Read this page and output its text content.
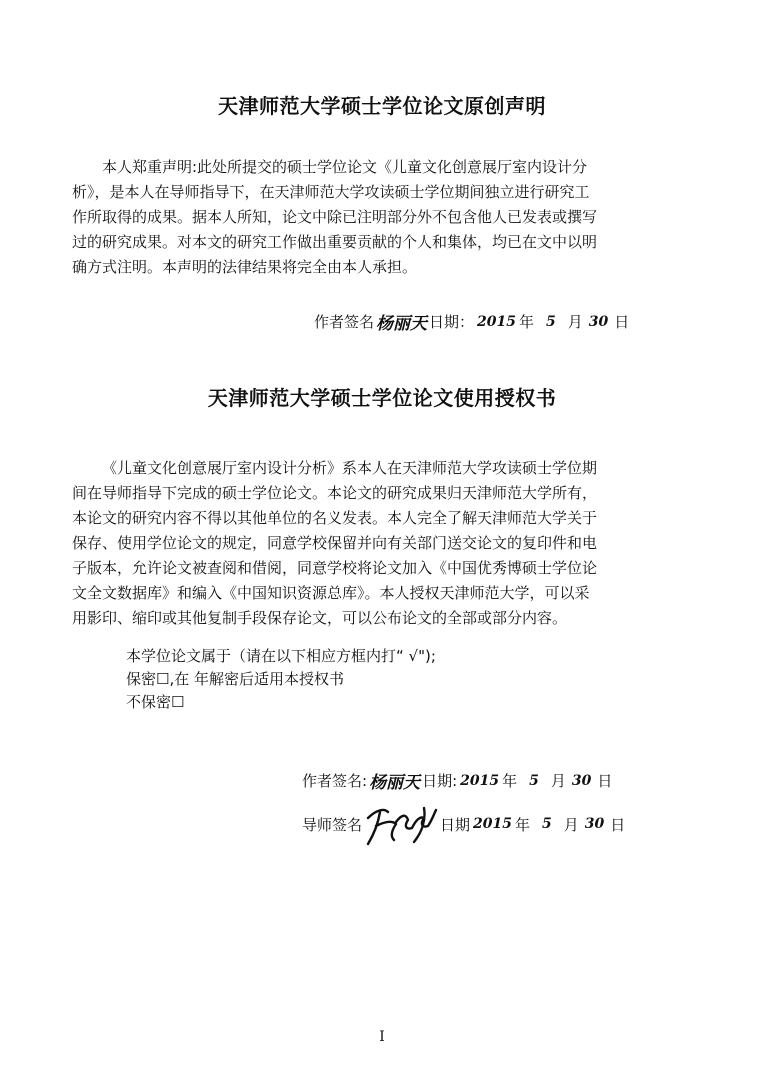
天津师范大学硕士学位论文原创声明
本人郑重声明:此处所提交的硕士学位论文《儿童文化创意展厅室内设计分
析》，是本人在导师指导下，在天津师范大学攻读硕士学位期间独立进行研究工
作所取得的成果。据本人所知，论文中除已注明部分外不包含他人已发表或撰写
过的研究成果。对本文的研究工作做出重要贡献的个人和集体，均已在文中以明
确方式注明。本声明的法律结果将完全由本人承担。
作者签名 杨丽天 日期 ： 2015 年 5 月 30 日
天津师范大学硕士学位论文使用授权书
《儿童文化创意展厅室内设计分析》系本人在天津师范大学攻读硕士学位期
间在导师指导下完成的硕士学位论文。本论文的研究成果归天津师范大学所有，
本论文的研究内容不得以其他单位的名义发表。本人完全了解天津师范大学关于
保存、使用学位论文的规定，同意学校保留并向有关部门送交论文的复印件和电
子版本，允许论文被查阅和借阅，同意学校将论文加入《中国优秀博硕士学位论
文全文数据库》和编入《中国知识资源总库》。本人授权天津师范大学，可以采
用影印、缩印或其他复制手段保存论文，可以公布论文的全部或部分内容。
本学位论文属于（请在以下相应方框内打“ √");
保密☐,在 年解密后适用本授权书
不保密☐
作者签名: 杨丽天 日期: 2015 年 5 月 30 日
导师签名	日期 2015 年 5 月 30 日
I
